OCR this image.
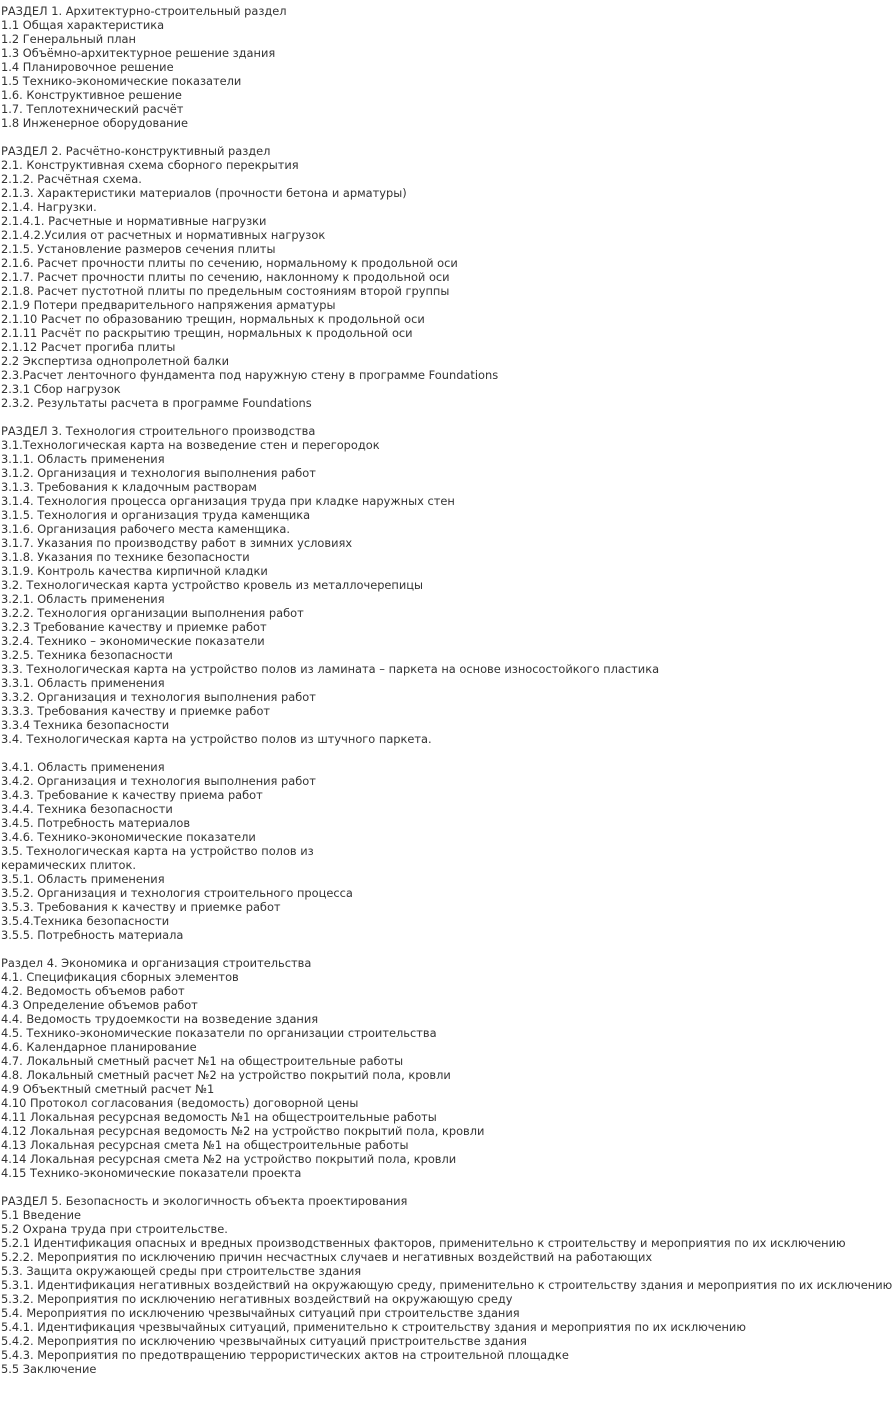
РАЗДЕЛ 1. Архитектурно-строительный раздел
1.1 Общая характеристика
1.2 Генеральный план
1.3 Объёмно-архитектурное решение здания
1.4 Планировочное решение
1.5 Технико-экономические показатели
1.6. Конструктивное решение
1.7. Теплотехнический расчёт
1.8 Инженерное оборудование
РАЗДЕЛ 2. Расчётно-конструктивный раздел
2.1. Конструктивная схема сборного перекрытия
2.1.2. Расчётная схема.
2.1.3. Характеристики материалов (прочности бетона и арматуры)
2.1.4. Нагрузки.
2.1.4.1. Расчетные и нормативные нагрузки
2.1.4.2.Усилия от расчетных и нормативных нагрузок
2.1.5. Установление размеров сечения плиты
2.1.6. Расчет прочности плиты по сечению, нормальному к продольной оси
2.1.7. Расчет прочности плиты по сечению, наклонному к продольной оси
2.1.8. Расчет пустотной плиты по предельным состояниям второй группы
2.1.9 Потери предварительного напряжения арматуры
2.1.10 Расчет по образованию трещин, нормальных к продольной оси
2.1.11 Расчёт по раскрытию трещин, нормальных к продольной оси
2.1.12 Расчет прогиба плиты
2.2 Экспертиза однопролетной балки
2.3.Расчет ленточного фундамента под наружную стену в программе Foundations
2.3.1 Сбор нагрузок
2.3.2. Результаты расчета в программе Foundations
РАЗДЕЛ 3. Технология строительного производства
3.1.Технологическая карта на возведение стен и перегородок
3.1.1. Область применения
3.1.2. Организация и технология выполнения работ
3.1.3. Требования к кладочным растворам
3.1.4. Технология процесса организация труда при кладке наружных стен
3.1.5. Технология и организация труда каменщика
3.1.6. Организация рабочего места каменщика.
3.1.7. Указания по производству работ в зимних условиях
3.1.8. Указания по технике безопасности
3.1.9. Контроль качества кирпичной кладки
3.2. Технологическая карта устройство кровель из металлочерепицы
3.2.1. Область применения
3.2.2. Технология организации выполнения работ
3.2.3 Требование качеству и приемке работ
3.2.4. Технико – экономические показатели
3.2.5. Техника безопасности
3.3. Технологическая карта на устройство полов из ламината – паркета на основе износостойкого пластика
3.3.1. Область применения
3.3.2. Организация и технология выполнения работ
3.3.3. Требования качеству и приемке работ
3.3.4 Техника безопасности
3.4. Технологическая карта на устройство полов из штучного паркета.
3.4.1. Область применения
3.4.2. Организация и технология выполнения работ
3.4.3. Требование к качеству приема работ
3.4.4. Техника безопасности
3.4.5. Потребность материалов
3.4.6. Технико-экономические показатели
3.5. Технологическая карта на устройство полов из
керамических плиток.
3.5.1. Область применения
3.5.2. Организация и технология строительного процесса
3.5.3. Требования к качеству и приемке работ
3.5.4.Техника безопасности
3.5.5. Потребность материала
Раздел 4. Экономика и организация строительства
4.1. Спецификация сборных элементов
4.2. Ведомость объемов работ
4.3 Определение объемов работ
4.4. Ведомость трудоемкости на возведение здания
4.5. Технико-экономические показатели по организации строительства
4.6. Календарное планирование
4.7. Локальный сметный расчет №1 на общестроительные работы
4.8. Локальный сметный расчет №2 на устройство покрытий пола, кровли
4.9 Объектный сметный расчет №1
4.10 Протокол согласования (ведомость) договорной цены
4.11 Локальная ресурсная ведомость №1 на общестроительные работы
4.12 Локальная ресурсная ведомость №2 на устройство покрытий пола, кровли
4.13 Локальная ресурсная смета №1 на общестроительные работы
4.14 Локальная ресурсная смета №2 на устройство покрытий пола, кровли
4.15 Технико-экономические показатели проекта
РАЗДЕЛ 5. Безопасность и экологичность объекта проектирования
5.1 Введение
5.2 Охрана труда при строительстве.
5.2.1 Идентификация опасных и вредных производственных факторов, применительно к строительству и мероприятия по их исключению
5.2.2. Мероприятия по исключению причин несчастных случаев и негативных воздействий на работающих
5.3. Защита окружающей среды при строительстве здания
5.3.1. Идентификация негативных воздействий на окружающую среду, применительно к строительству здания и мероприятия по их исключению
5.3.2. Мероприятия по исключению негативных воздействий на окружающую среду
5.4. Мероприятия по исключению чрезвычайных ситуаций при строительстве здания
5.4.1. Идентификация чрезвычайных ситуаций, применительно к строительству здания и мероприятия по их исключению
5.4.2. Мероприятия по исключению чрезвычайных ситуаций пристроительстве здания
5.4.3. Мероприятия по предотвращению террористических актов на строительной площадке
5.5 Заключение
